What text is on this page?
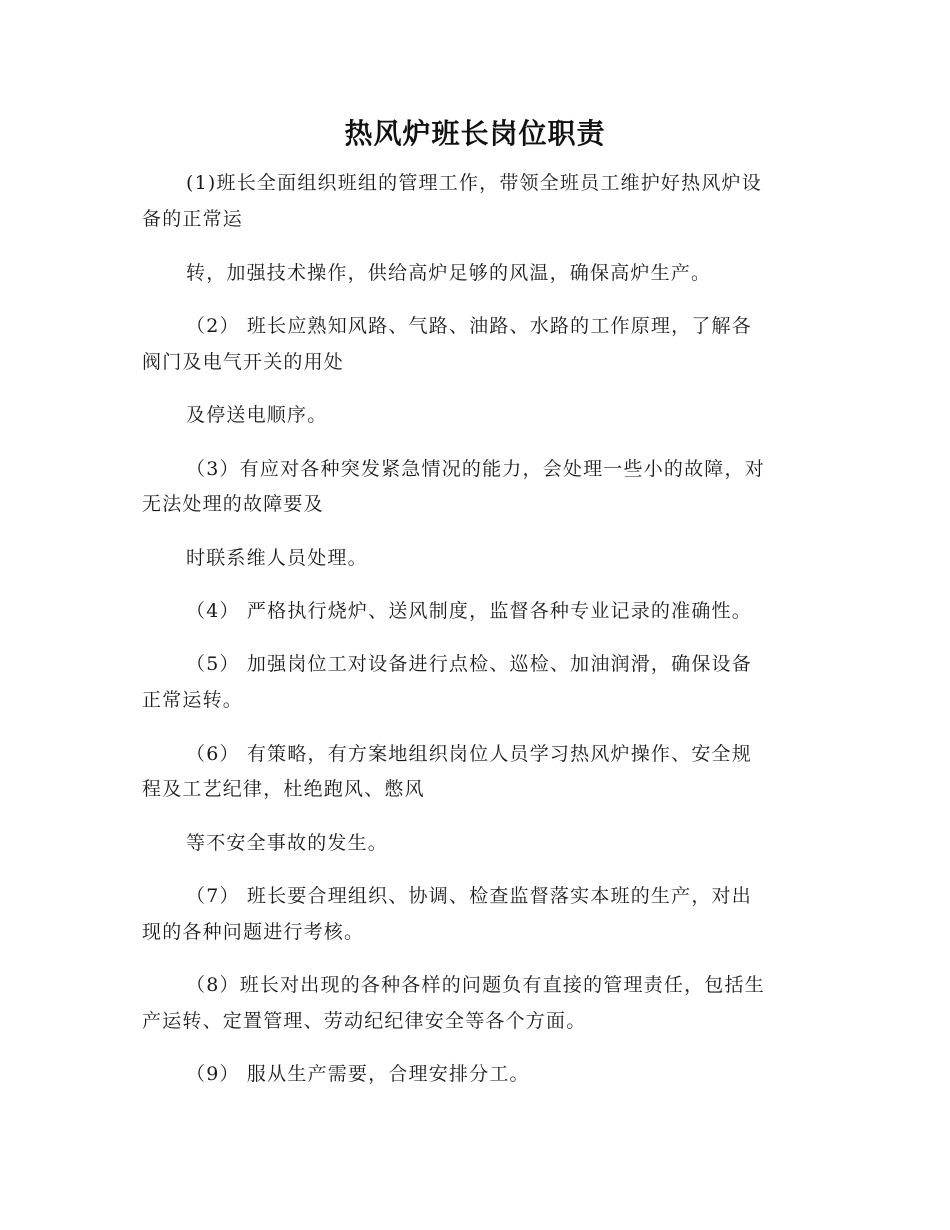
热风炉班长岗位职责
(1)班长全面组织班组的管理工作，带领全班员工维护好热风炉设
备的正常运
转，加强技术操作，供给高炉足够的风温，确保高炉生产。
（2） 班长应熟知风路、气路、油路、水路的工作原理，了解各
阀门及电气开关的用处
及停送电顺序。
（3）有应对各种突发紧急情况的能力，会处理一些小的故障，对
无法处理的故障要及
时联系维人员处理。
（4） 严格执行烧炉、送风制度，监督各种专业记录的准确性。
（5） 加强岗位工对设备进行点检、巡检、加油润滑，确保设备
正常运转。
（6） 有策略，有方案地组织岗位人员学习热风炉操作、安全规
程及工艺纪律，杜绝跑风、憋风
等不安全事故的发生。
（7） 班长要合理组织、协调、检查监督落实本班的生产，对出
现的各种问题进行考核。
（8）班长对出现的各种各样的问题负有直接的管理责任，包括生
产运转、定置管理、劳动纪纪律安全等各个方面。
（9） 服从生产需要，合理安排分工。
